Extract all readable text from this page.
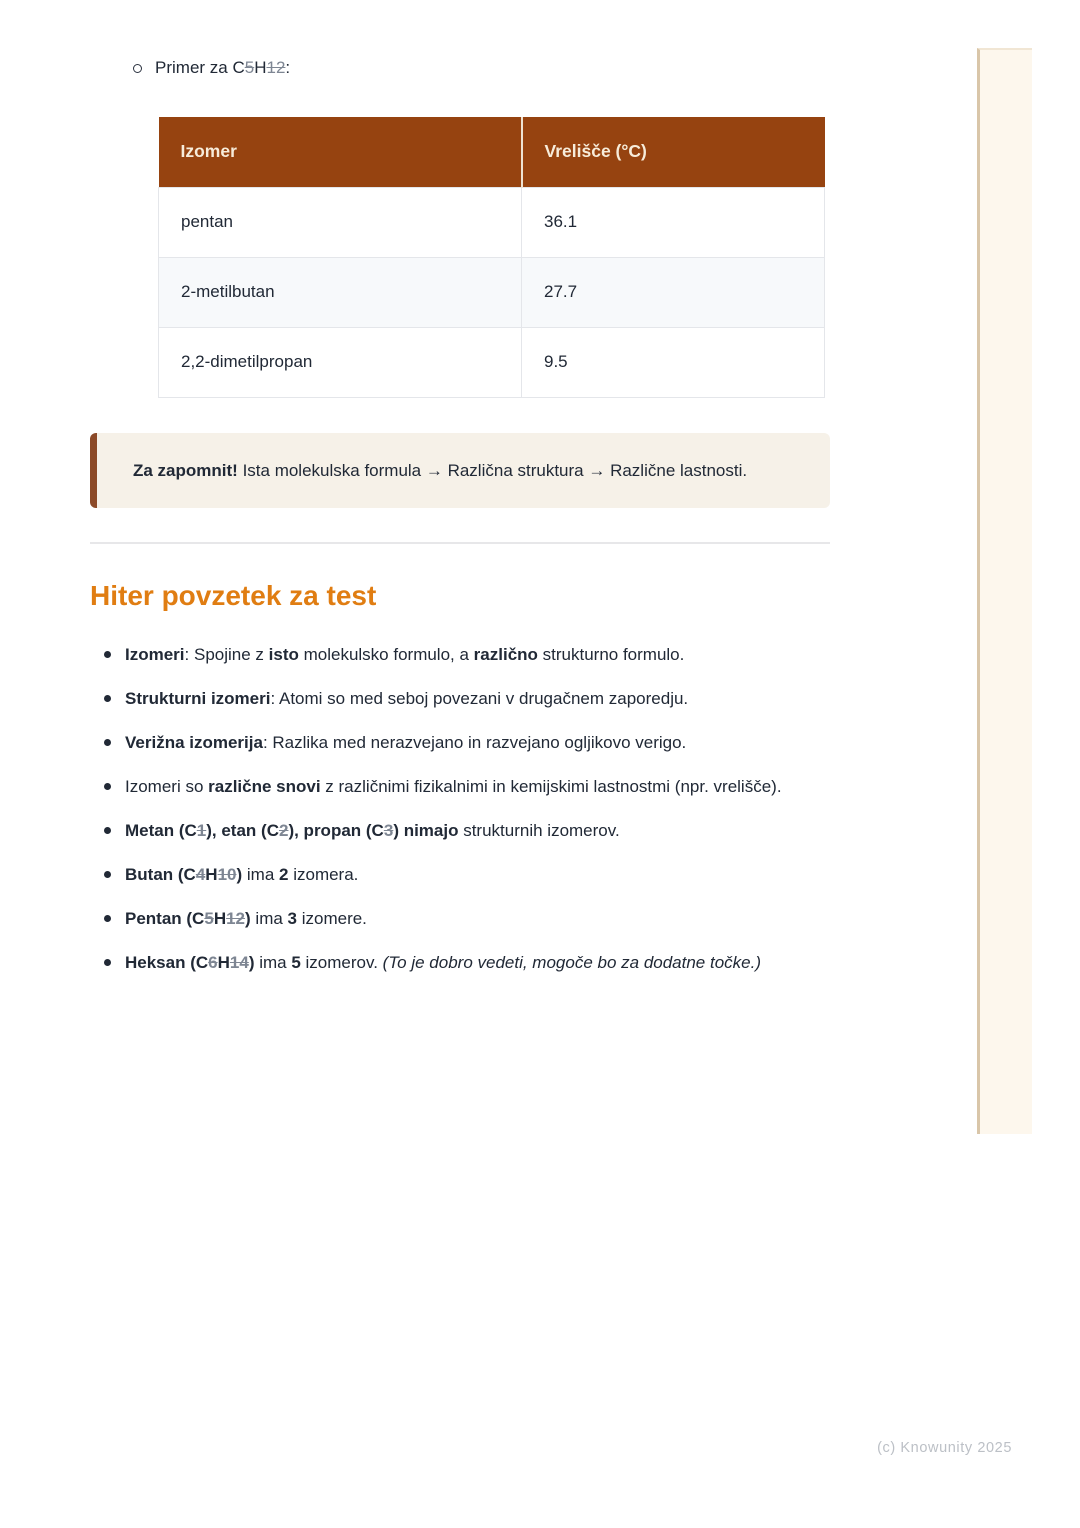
Primer za C5H12:
Izomer	Vrelišče (°C)
pentan	36.1
2-metilbutan	27.7
2,2-dimetilpropan	9.5
Za zapomnit! Ista molekulska formula → Različna struktura → Različne lastnosti.
Hiter povzetek za test
Izomeri: Spojine z isto molekulsko formulo, a različno strukturno formulo.
Strukturni izomeri: Atomi so med seboj povezani v drugačnem zaporedju.
Verižna izomerija: Razlika med nerazvejano in razvejano ogljikovo verigo.
Izomeri so različne snovi z različnimi fizikalnimi in kemijskimi lastnostmi (npr. vrelišče).
Metan (C1), etan (C2), propan (C3) nimajo strukturnih izomerov.
Butan (C4H10) ima 2 izomera.
Pentan (C5H12) ima 3 izomere.
Heksan (C6H14) ima 5 izomerov. (To je dobro vedeti, mogoče bo za dodatne točke.)
(c) Knowunity 2025
